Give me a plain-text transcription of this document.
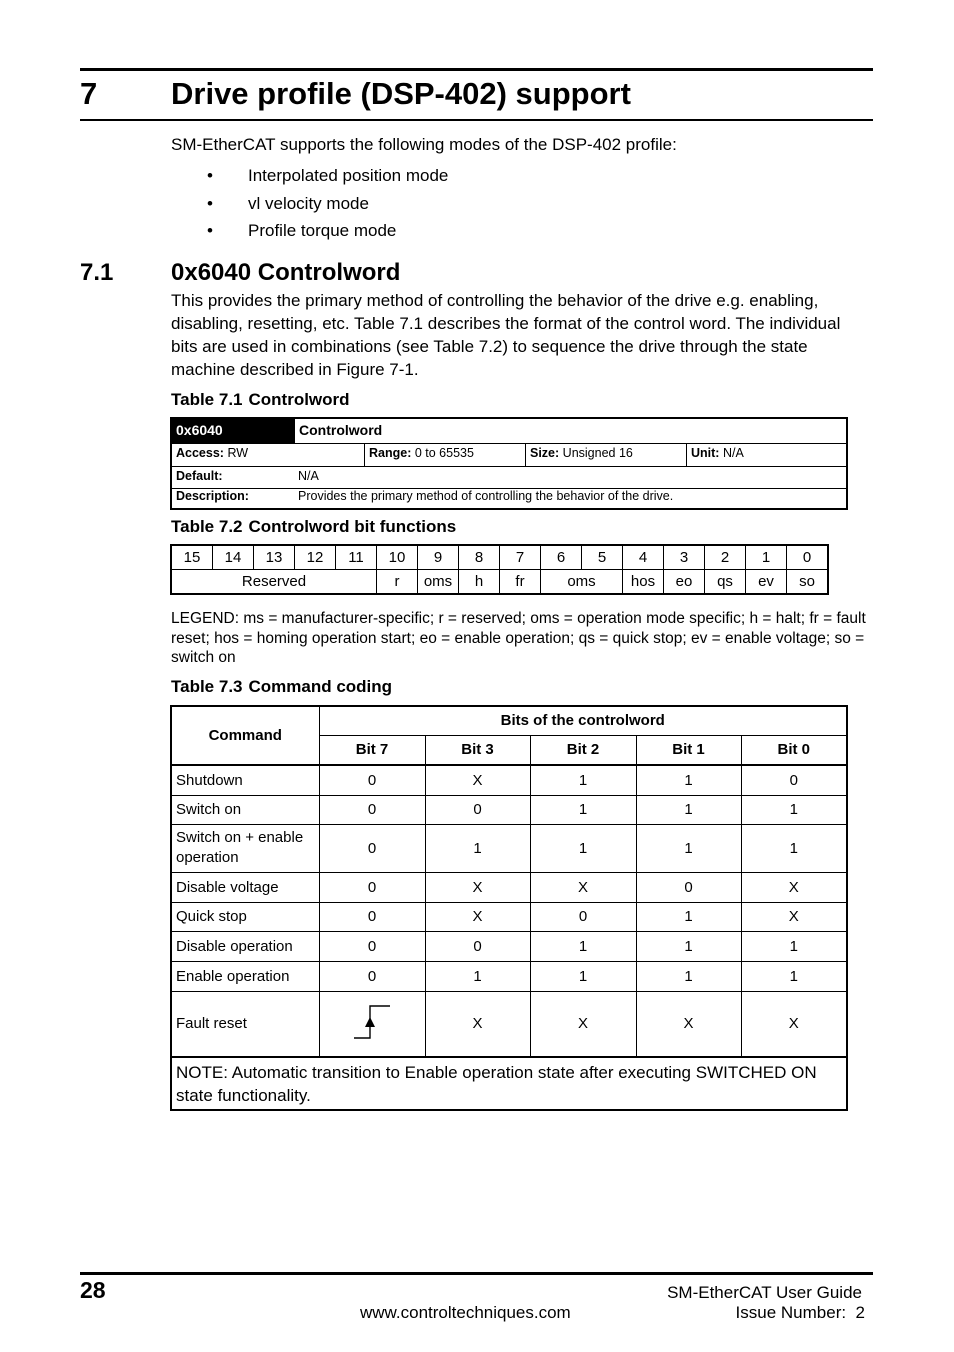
7 Drive profile (DSP-402) support
SM-EtherCAT supports the following modes of the DSP-402 profile:
• Interpolated position mode
• vl velocity mode
• Profile torque mode
7.1 0x6040 Controlword
This provides the primary method of controlling the behavior of the drive e.g. enabling, disabling, resetting, etc. Table 7.1 describes the format of the control word. The individual bits are used in combinations (see Table 7.2) to sequence the drive through the state machine described in Figure 7-1.
Table 7.1 Controlword
0x6040	Controlword
Access: RW	Range: 0 to 65535	Size: Unsigned 16	Unit: N/A
Default:	N/A
Description:	Provides the primary method of controlling the behavior of the drive.
Table 7.2 Controlword bit functions
15	14	13	12	11	10	9	8	7	6	5	4	3	2	1	0
Reserved					r	oms	h	fr	oms		hos	eo	qs	ev	so
LEGEND: ms = manufacturer-specific; r = reserved; oms = operation mode specific; h = halt; fr = fault reset; hos = homing operation start; eo = enable operation; qs = quick stop; ev = enable voltage; so = switch on
Table 7.3 Command coding
Command	Bits of the controlword				
	Bit 7	Bit 3	Bit 2	Bit 1	Bit 0
Shutdown	0	X	1	1	0
Switch on	0	0	1	1	1
Switch on + enable operation	0	1	1	1	1
Disable voltage	0	X	X	0	X
Quick stop	0	X	0	1	X
Disable operation	0	0	1	1	1
Enable operation	0	1	1	1	1
Fault reset		X	X	X	X
NOTE: Automatic transition to Enable operation state after executing SWITCHED ON state functionality.					
28	SM-EtherCAT User Guide
www.controltechniques.com	Issue Number:  2
